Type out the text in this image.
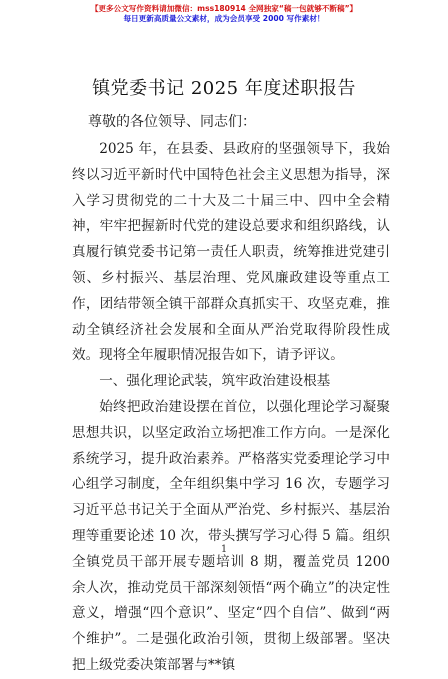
【更多公文写作资料请加微信：mss180914 全网独家“稿一包就够不断稿”】
每日更新高质量公文素材，成为会员享受 2000 写作素材！
镇党委书记 2025 年度述职报告
尊敬的各位领导、同志们：

2025 年，在县委、县政府的坚强领导下，我始终以习近平新时代中国特色社会主义思想为指导，深入学习贯彻党的二十大及二十届三中、四中全会精神，牢牢把握新时代党的建设总要求和组织路线，认真履行镇党委书记第一责任人职责，统筹推进党建引领、乡村振兴、基层治理、党风廉政建设等重点工作，团结带领全镇干部群众真抓实干、攻坚克难，推动全镇经济社会发展和全面从严治党取得阶段性成效。现将全年履职情况报告如下，请予评议。

一、强化理论武装，筑牢政治建设根基

始终把政治建设摆在首位，以强化理论学习凝聚思想共识，以坚定政治立场把准工作方向。一是深化系统学习，提升政治素养。严格落实党委理论学习中心组学习制度，全年组织集中学习 16 次，专题学习习近平总书记关于全面从严治党、乡村振兴、基层治理等重要论述 10 次，带头撰写学习心得 5 篇。组织全镇党员干部开展专题培训 8 期，覆盖党员 1200 余人次，推动党员干部深刻领悟“两个确立”的决定性意义，增强“四个意识”、坚定“四个自信”、做到“两个维护”。二是强化政治引领，贯彻上级部署。坚决把上级党委决策部署与**镇

1
